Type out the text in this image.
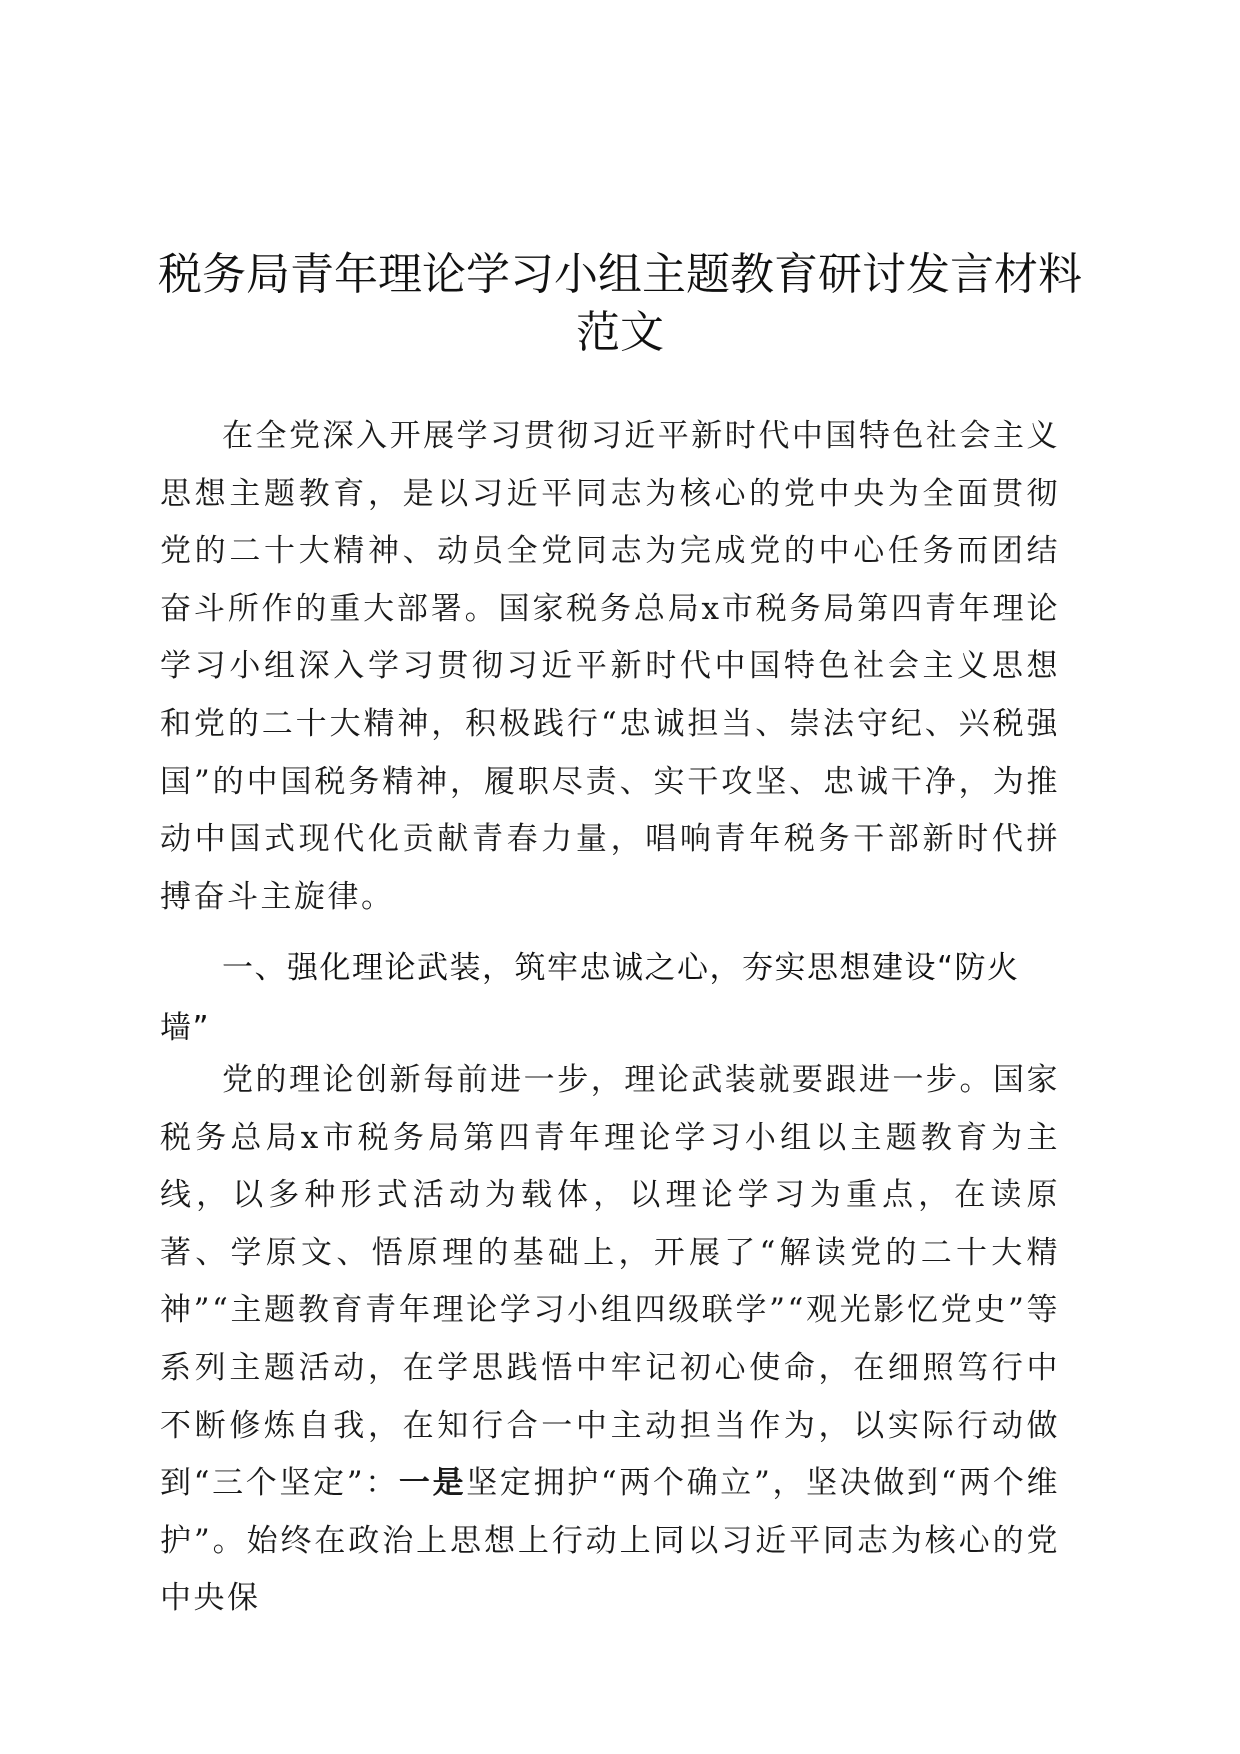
税务局青年理论学习小组主题教育研讨发言材料范文

在全党深入开展学习贯彻习近平新时代中国特色社会主义思想主题教育，是以习近平同志为核心的党中央为全面贯彻党的二十大精神、动员全党同志为完成党的中心任务而团结奋斗所作的重大部署。国家税务总局x市税务局第四青年理论学习小组深入学习贯彻习近平新时代中国特色社会主义思想和党的二十大精神，积极践行“忠诚担当、崇法守纪、兴税强国”的中国税务精神，履职尽责、实干攻坚、忠诚干净，为推动中国式现代化贡献青春力量，唱响青年税务干部新时代拼搏奋斗主旋律。

一、强化理论武装，筑牢忠诚之心，夯实思想建设“防火墙”

党的理论创新每前进一步，理论武装就要跟进一步。国家税务总局x市税务局第四青年理论学习小组以主题教育为主线，以多种形式活动为载体，以理论学习为重点，在读原著、学原文、悟原理的基础上，开展了“解读党的二十大精神”“主题教育青年理论学习小组四级联学”“观光影忆党史”等系列主题活动，在学思践悟中牢记初心使命，在细照笃行中不断修炼自我，在知行合一中主动担当作为，以实际行动做到“三个坚定”：一是坚定拥护“两个确立”，坚决做到“两个维护”。始终在政治上思想上行动上同以习近平同志为核心的党中央保
